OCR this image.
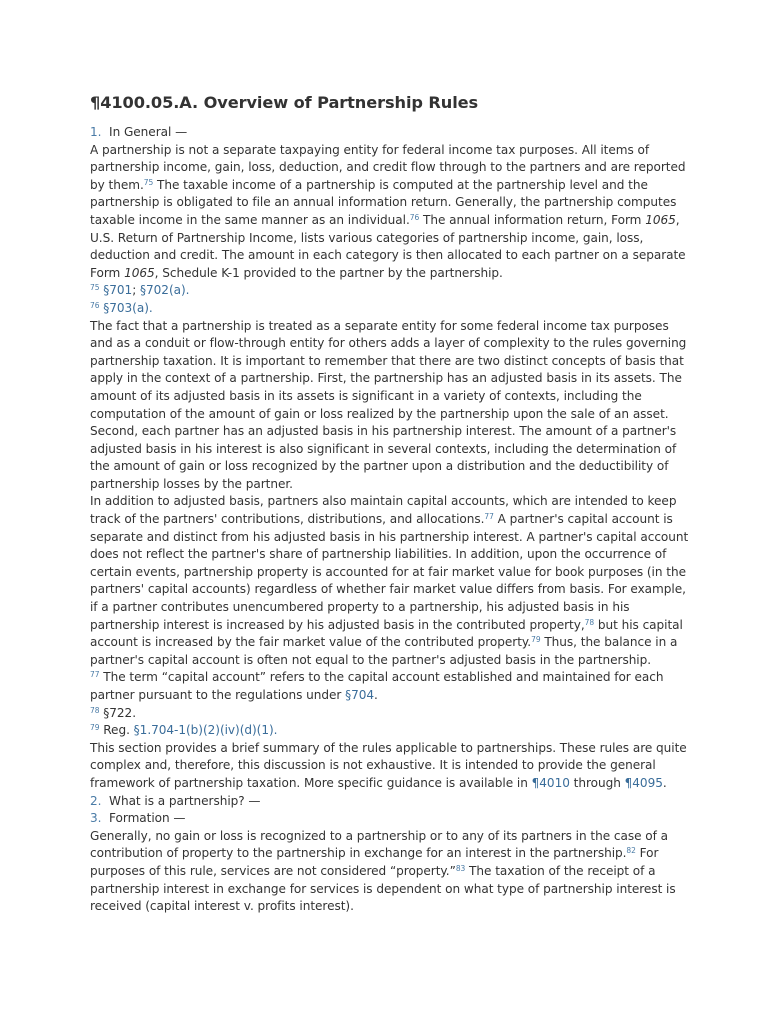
¶4100.05.A. Overview of Partnership Rules

1. In General —

A partnership is not a separate taxpaying entity for federal income tax purposes. All items of partnership income, gain, loss, deduction, and credit flow through to the partners and are reported by them.$^{75}$ The taxable income of a partnership is computed at the partnership level and the partnership is obligated to file an annual information return. Generally, the partnership computes taxable income in the same manner as an individual.$^{76}$ The annual information return, Form 1065, U.S. Return of Partnership Income, lists various categories of partnership income, gain, loss, deduction and credit. The amount in each category is then allocated to each partner on a separate Form 1065, Schedule K-1 provided to the partner by the partnership.

$^{75}$ §701; §702(a).

$^{76}$ §703(a).

The fact that a partnership is treated as a separate entity for some federal income tax purposes and as a conduit or flow-through entity for others adds a layer of complexity to the rules governing partnership taxation. It is important to remember that there are two distinct concepts of basis that apply in the context of a partnership. First, the partnership has an adjusted basis in its assets. The amount of its adjusted basis in its assets is significant in a variety of contexts, including the computation of the amount of gain or loss realized by the partnership upon the sale of an asset. Second, each partner has an adjusted basis in his partnership interest. The amount of a partner's adjusted basis in his interest is also significant in several contexts, including the determination of the amount of gain or loss recognized by the partner upon a distribution and the deductibility of partnership losses by the partner.

In addition to adjusted basis, partners also maintain capital accounts, which are intended to keep track of the partners' contributions, distributions, and allocations.$^{77}$ A partner's capital account is separate and distinct from his adjusted basis in his partnership interest. A partner's capital account does not reflect the partner's share of partnership liabilities. In addition, upon the occurrence of certain events, partnership property is accounted for at fair market value for book purposes (in the partners' capital accounts) regardless of whether fair market value differs from basis. For example, if a partner contributes unencumbered property to a partnership, his adjusted basis in his partnership interest is increased by his adjusted basis in the contributed property,$^{78}$ but his capital account is increased by the fair market value of the contributed property.$^{79}$ Thus, the balance in a partner's capital account is often not equal to the partner's adjusted basis in the partnership.

$^{77}$ The term “capital account” refers to the capital account established and maintained for each partner pursuant to the regulations under §704.

$^{78}$ §722.

$^{79}$ Reg. §1.704-1(b)(2)(iv)(d)(1).

This section provides a brief summary of the rules applicable to partnerships. These rules are quite complex and, therefore, this discussion is not exhaustive. It is intended to provide the general framework of partnership taxation. More specific guidance is available in ¶4010 through ¶4095.

2. What is a partnership? —

3. Formation —

Generally, no gain or loss is recognized to a partnership or to any of its partners in the case of a contribution of property to the partnership in exchange for an interest in the partnership.$^{82}$ For purposes of this rule, services are not considered “property.”$^{83}$ The taxation of the receipt of a partnership interest in exchange for services is dependent on what type of partnership interest is received (capital interest v. profits interest).
